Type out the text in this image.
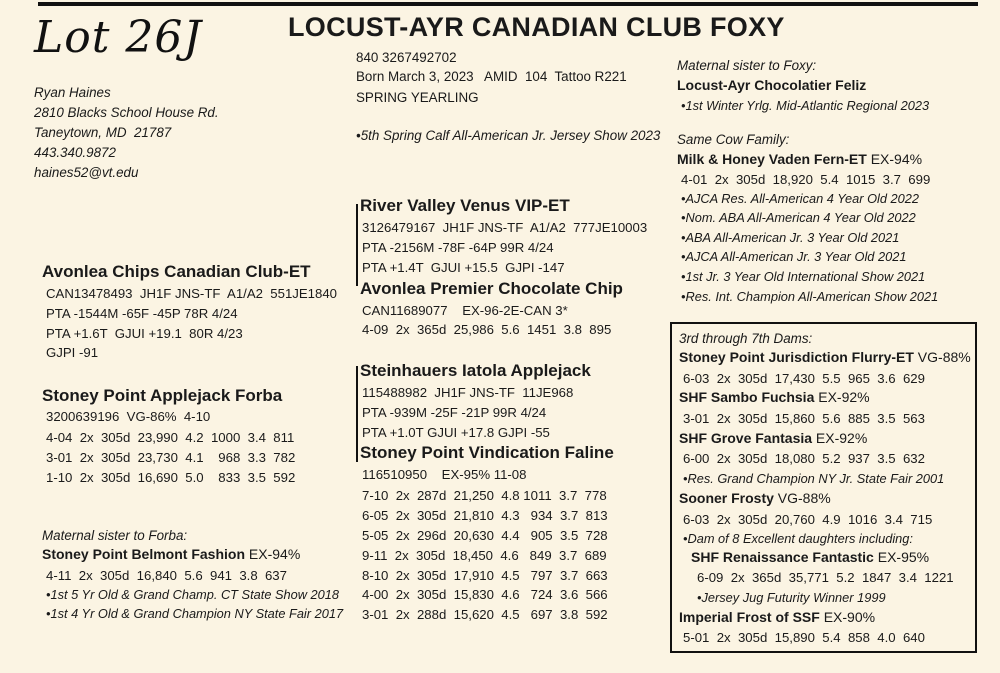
Lot 26J	LOCUST-AYR CANADIAN CLUB FOXY
Ryan Haines
2810 Blacks School House Rd.
Taneytown, MD  21787
443.340.9872
haines52@vt.edu
840 3267492702
Born March 3, 2023   AMID  104  Tattoo R221
SPRING YEARLING
•5th Spring Calf All-American Jr. Jersey Show 2023
Avonlea Chips Canadian Club-ET
CAN13478493  JH1F JNS-TF  A1/A2  551JE1840
PTA -1544M -65F -45P 78R 4/24
PTA +1.6T  GJUI +19.1  80R 4/23
GJPI -91
Stoney Point Applejack Forba
3200639196  VG-86%  4-10
4-04  2x  305d  23,990  4.2  1000  3.4  811
3-01  2x  305d  23,730  4.1    968  3.3  782
1-10  2x  305d  16,690  5.0    833  3.5  592
Maternal sister to Forba:
Stoney Point Belmont Fashion EX-94%
4-11  2x  305d  16,840  5.6  941  3.8  637
•1st 5 Yr Old & Grand Champ. CT State Show 2018
•1st 4 Yr Old & Grand Champion NY State Fair 2017
River Valley Venus VIP-ET
3126479167  JH1F JNS-TF  A1/A2  777JE10003
PTA -2156M -78F -64P 99R 4/24
PTA +1.4T  GJUI +15.5  GJPI -147
Avonlea Premier Chocolate Chip
CAN11689077    EX-96-2E-CAN 3*
4-09  2x  365d  25,986  5.6  1451  3.8  895
Steinhauers Iatola Applejack
115488982  JH1F JNS-TF  11JE968
PTA -939M -25F -21P 99R 4/24
PTA +1.0T GJUI +17.8 GJPI -55
Stoney Point Vindication Faline
116510950    EX-95% 11-08
7-10  2x  287d  21,250  4.8 1011  3.7  778
6-05  2x  305d  21,810  4.3   934  3.7  813
5-05  2x  296d  20,630  4.4   905  3.5  728
9-11  2x  305d  18,450  4.6   849  3.7  689
8-10  2x  305d  17,910  4.5   797  3.7  663
4-00  2x  305d  15,830  4.6   724  3.6  566
3-01  2x  288d  15,620  4.5   697  3.8  592
Maternal sister to Foxy:
Locust-Ayr Chocolatier Feliz
•1st Winter Yrlg. Mid-Atlantic Regional 2023
Same Cow Family:
Milk & Honey Vaden Fern-ET EX-94%
4-01  2x  305d  18,920  5.4  1015  3.7  699
•AJCA Res. All-American 4 Year Old 2022
•Nom. ABA All-American 4 Year Old 2022
•ABA All-American Jr. 3 Year Old 2021
•AJCA All-American Jr. 3 Year Old 2021
•1st Jr. 3 Year Old International Show 2021
•Res. Int. Champion All-American Show 2021
3rd through 7th Dams:
Stoney Point Jurisdiction Flurry-ET VG-88%
6-03  2x  305d  17,430  5.5  965  3.6  629
SHF Sambo Fuchsia EX-92%
3-01  2x  305d  15,860  5.6  885  3.5  563
SHF Grove Fantasia EX-92%
6-00  2x  305d  18,080  5.2  937  3.5  632
•Res. Grand Champion NY Jr. State Fair 2001
Sooner Frosty VG-88%
6-03  2x  305d  20,760  4.9  1016  3.4  715
•Dam of 8 Excellent daughters including:
SHF Renaissance Fantastic EX-95%
6-09  2x  365d  35,771  5.2  1847  3.4  1221
•Jersey Jug Futurity Winner 1999
Imperial Frost of SSF EX-90%
5-01  2x  305d  15,890  5.4  858  4.0  640
